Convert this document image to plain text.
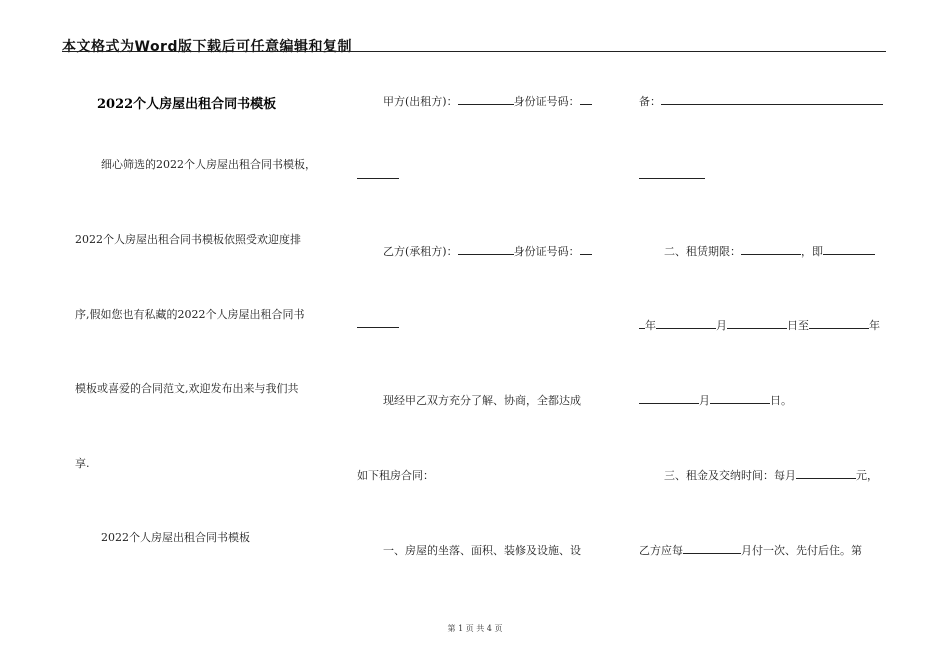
本文格式为Word版下载后可任意编辑和复制
2022个人房屋出租合同书模板
细心筛选的2022个人房屋出租合同书模板，
2022个人房屋出租合同书模板依照受欢迎度排
序,假如您也有私藏的2022个人房屋出租合同书
模板或喜爱的合同范文,欢迎发布出来与我们共
享.
2022个人房屋出租合同书模板
甲方(出租方)：	身份证号码：
乙方(承租方)：	身份证号码：
现经甲乙双方充分了解、协商，全都达成
如下租房合同：
一、房屋的坐落、面积、装修及设施、设
备：
二、租赁期限：	，即
年	月	日至	年
月	日。
三、租金及交纳时间：每月	元，
乙方应每	月付一次、先付后住。第
第 1 页 共 4 页
